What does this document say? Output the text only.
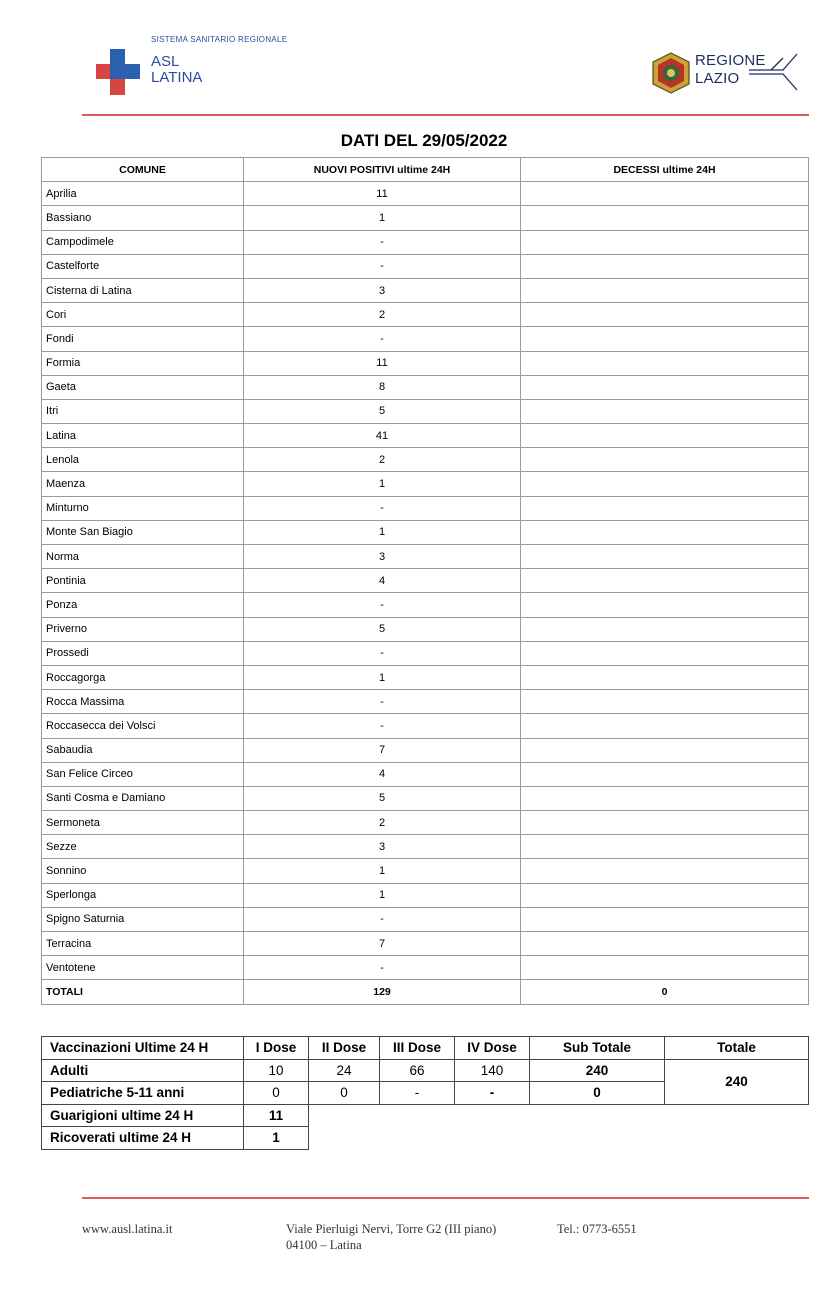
SISTEMA SANITARIO REGIONALE
ASL
LATINA
REGIONE
LAZIO
DATI DEL 29/05/2022
COMUNE	NUOVI POSITIVI ultime 24H	DECESSI ultime 24H
Aprilia	11	
Bassiano	1	
Campodimele	-	
Castelforte	-	
Cisterna di Latina	3	
Cori	2	
Fondi	-	
Formia	11	
Gaeta	8	
Itri	5	
Latina	41	
Lenola	2	
Maenza	1	
Minturno	-	
Monte San Biagio	1	
Norma	3	
Pontinia	4	
Ponza	-	
Priverno	5	
Prossedi	-	
Roccagorga	1	
Rocca Massima	-	
Roccasecca dei Volsci	-	
Sabaudia	7	
San Felice Circeo	4	
Santi Cosma e Damiano	5	
Sermoneta	2	
Sezze	3	
Sonnino	1	
Sperlonga	1	
Spigno Saturnia	-	
Terracina	7	
Ventotene	-	
TOTALI	129	0
Vaccinazioni Ultime 24 H	I Dose	II Dose	III Dose	IV Dose	Sub Totale	Totale
Adulti	10	24	66	140	240	240
Pediatriche 5-11 anni	0	0	-	-	0	
Guarigioni ultime 24 H	11					
Ricoverati ultime 24 H	1					
www.ausl.latina.it	Viale Pierluigi Nervi, Torre G2 (III piano)
04100 – Latina
Tel.: 0773-6551
